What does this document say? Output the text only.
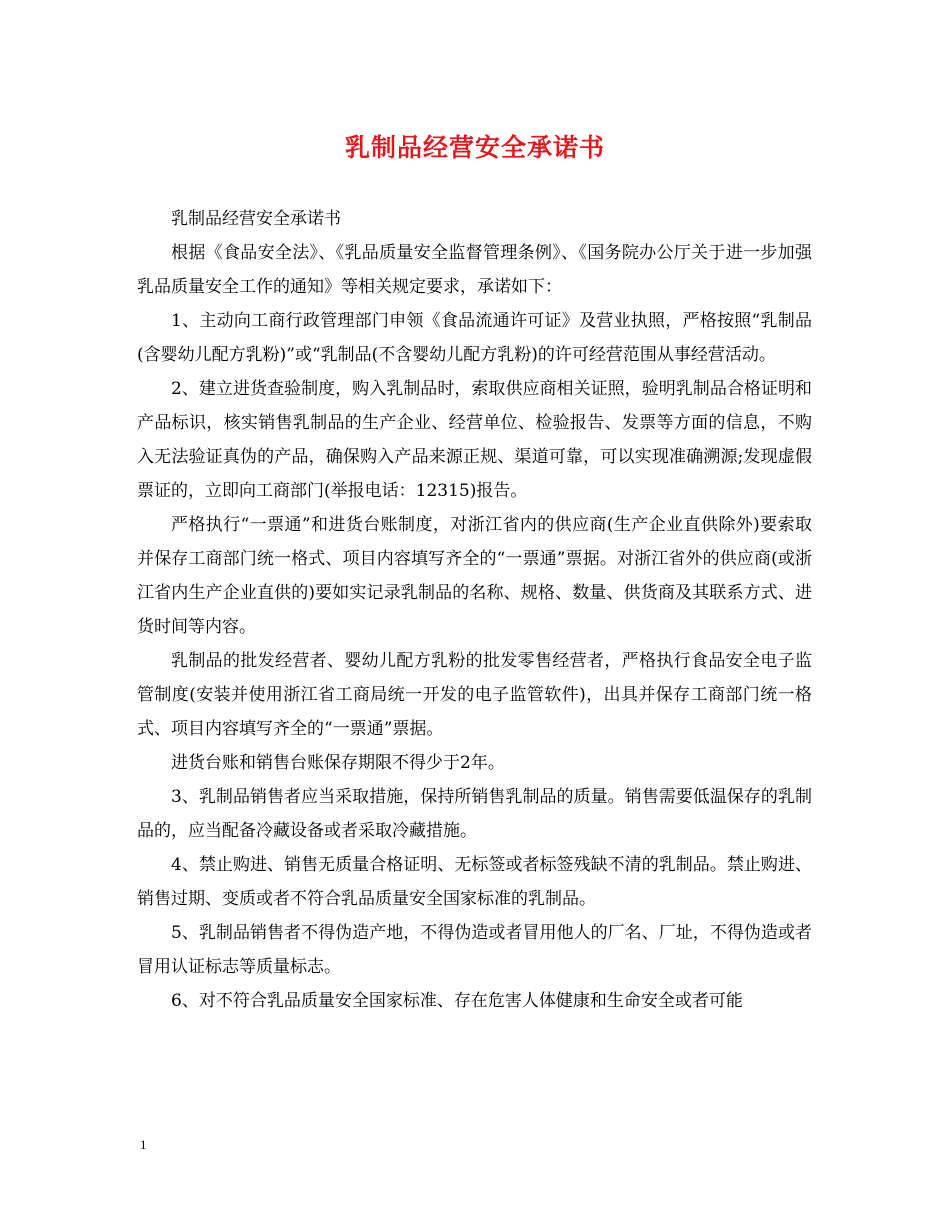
乳制品经营安全承诺书

乳制品经营安全承诺书

根据《食品安全法》、《乳品质量安全监督管理条例》、《国务院办公厅关于进一步加强乳品质量安全工作的通知》等相关规定要求，承诺如下：

1、主动向工商行政管理部门申领《食品流通许可证》及营业执照，严格按照“乳制品(含婴幼儿配方乳粉)”或“乳制品(不含婴幼儿配方乳粉)的许可经营范围从事经营活动。

2、建立进货查验制度，购入乳制品时，索取供应商相关证照，验明乳制品合格证明和产品标识，核实销售乳制品的生产企业、经营单位、检验报告、发票等方面的信息，不购入无法验证真伪的产品，确保购入产品来源正规、渠道可靠，可以实现准确溯源;发现虚假票证的，立即向工商部门(举报电话：12315)报告。

严格执行“一票通”和进货台账制度，对浙江省内的供应商(生产企业直供除外)要索取并保存工商部门统一格式、项目内容填写齐全的“一票通”票据。对浙江省外的供应商(或浙江省内生产企业直供的)要如实记录乳制品的名称、规格、数量、供货商及其联系方式、进货时间等内容。

乳制品的批发经营者、婴幼儿配方乳粉的批发零售经营者，严格执行食品安全电子监管制度(安装并使用浙江省工商局统一开发的电子监管软件)，出具并保存工商部门统一格式、项目内容填写齐全的“一票通”票据。

进货台账和销售台账保存期限不得少于2年。

3、乳制品销售者应当采取措施，保持所销售乳制品的质量。销售需要低温保存的乳制品的，应当配备冷藏设备或者采取冷藏措施。

4、禁止购进、销售无质量合格证明、无标签或者标签残缺不清的乳制品。禁止购进、销售过期、变质或者不符合乳品质量安全国家标准的乳制品。

5、乳制品销售者不得伪造产地，不得伪造或者冒用他人的厂名、厂址，不得伪造或者冒用认证标志等质量标志。

6、对不符合乳品质量安全国家标准、存在危害人体健康和生命安全或者可能

1
